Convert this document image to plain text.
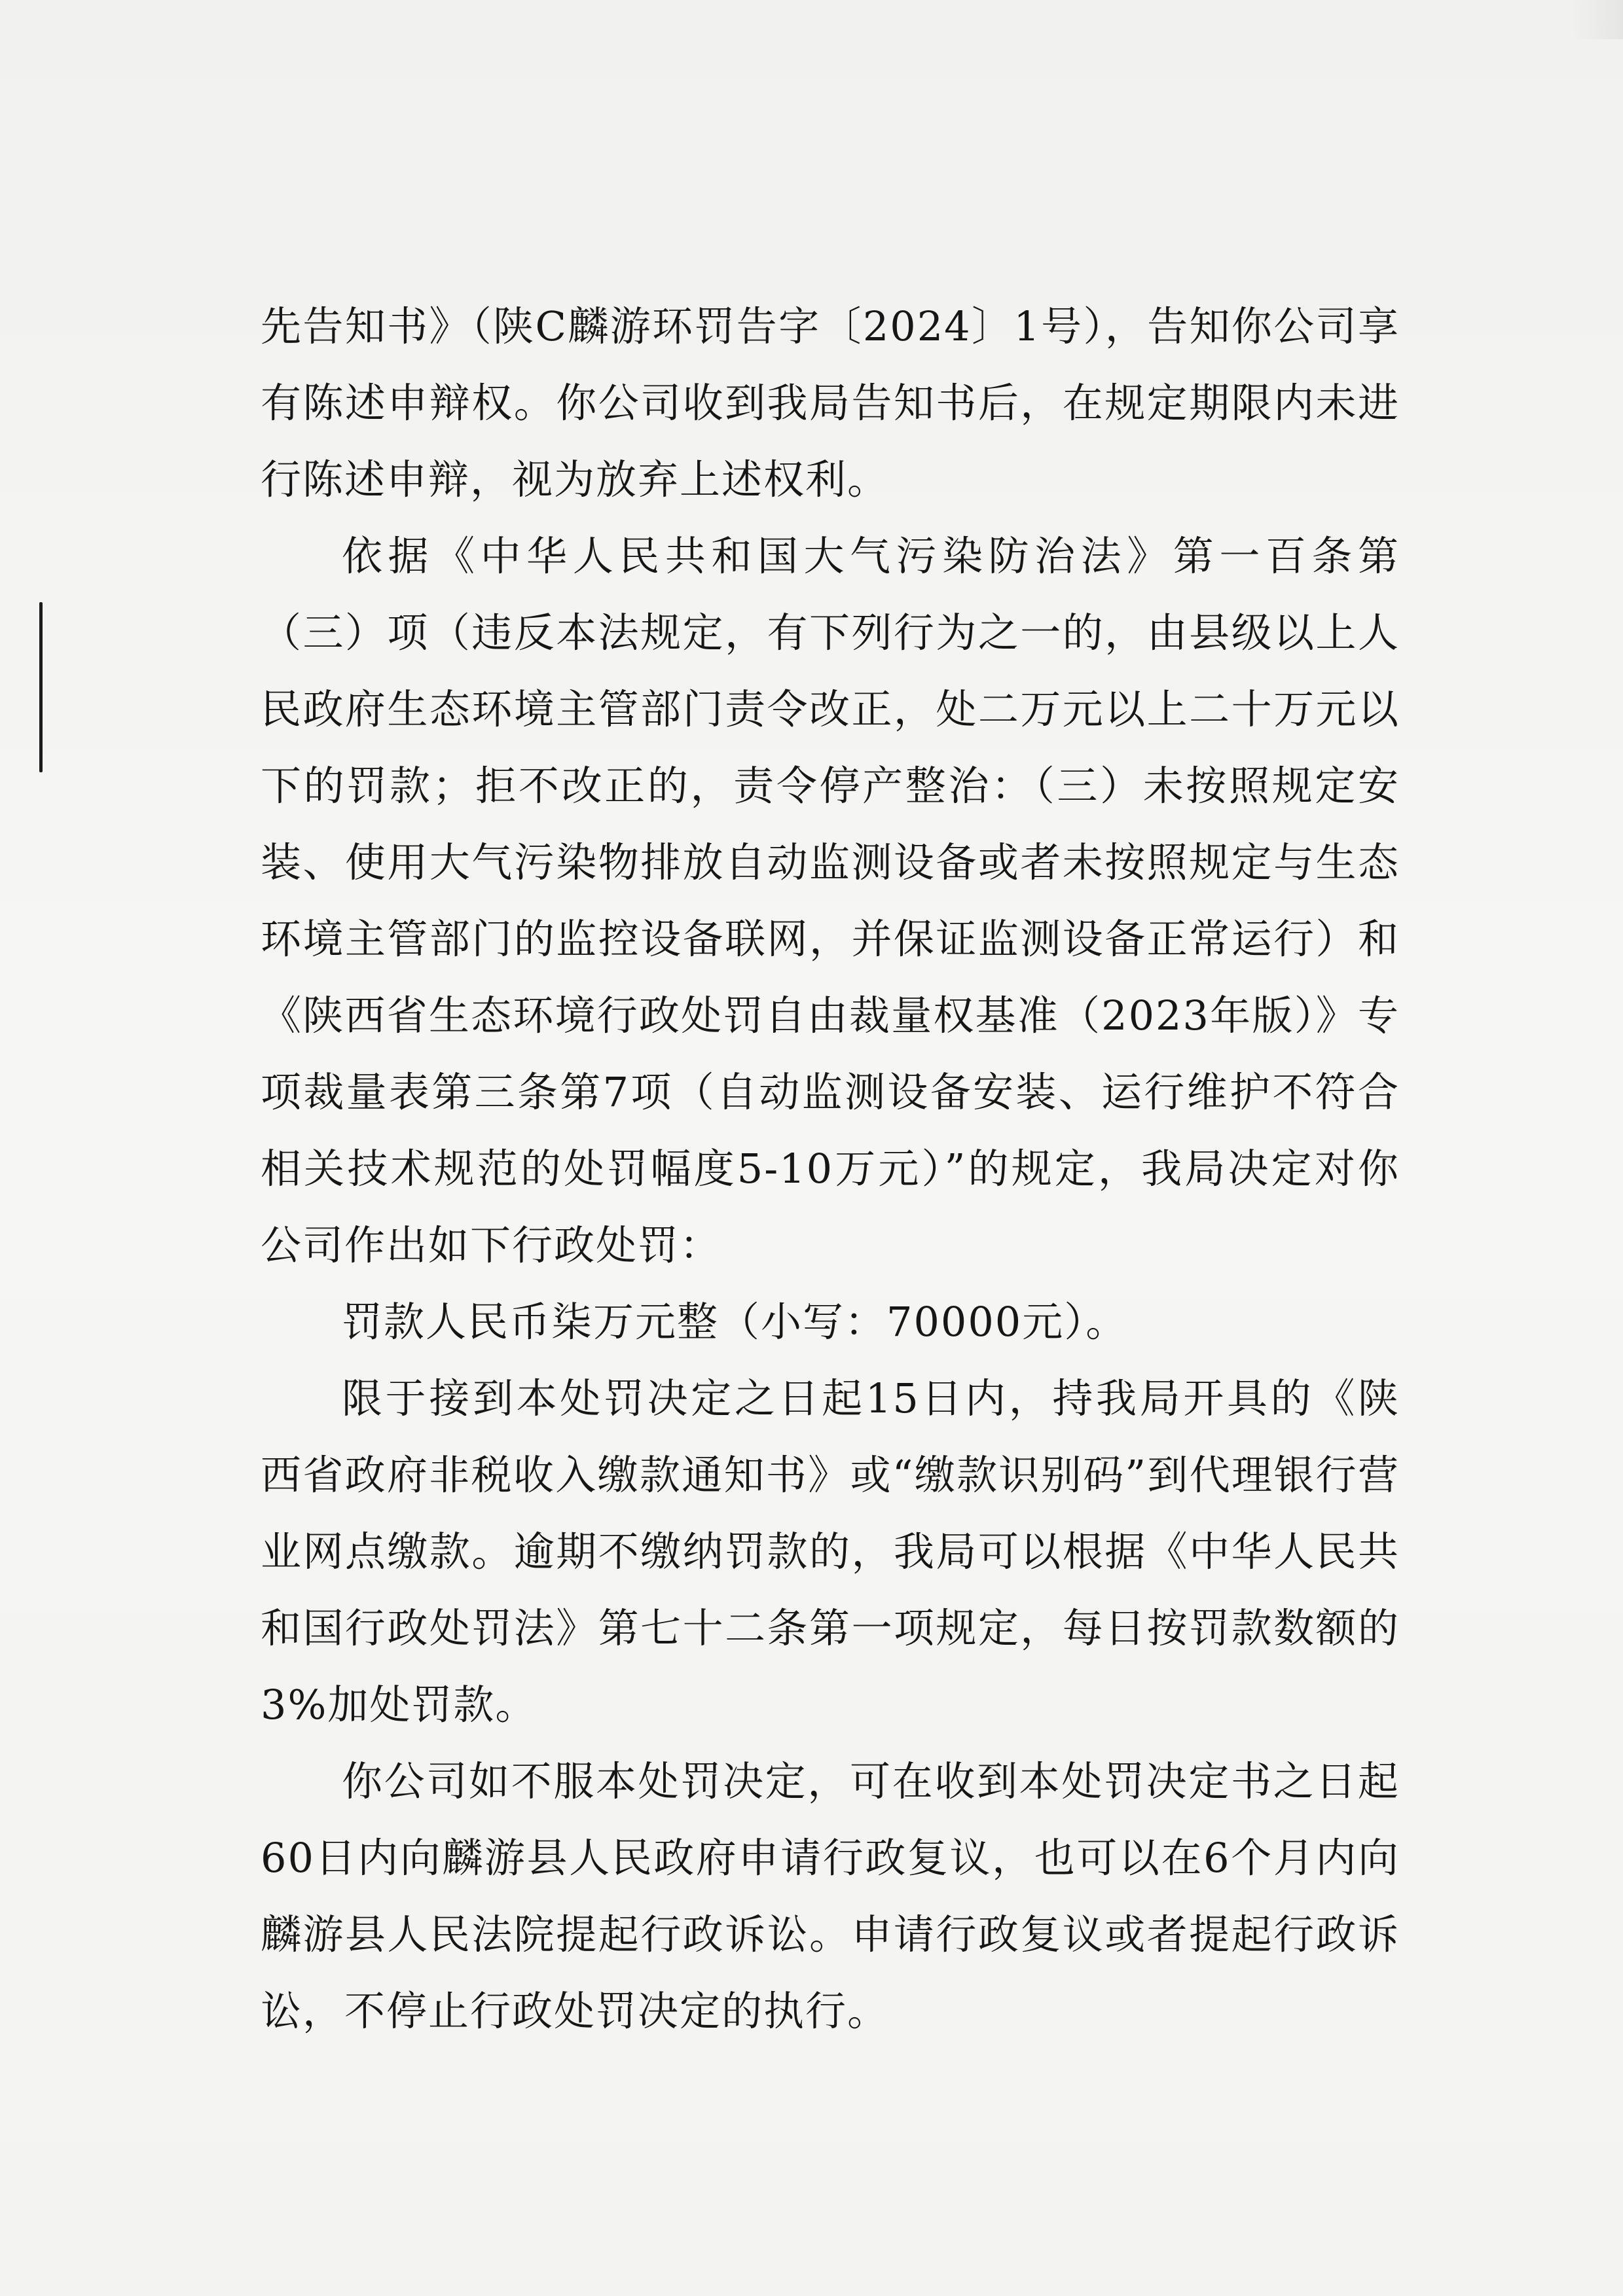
先告知书》（陕C麟游环罚告字〔2024〕1号），告知你公司享有陈述申辩权。你公司收到我局告知书后，在规定期限内未进行陈述申辩，视为放弃上述权利。

依据《中华人民共和国大气污染防治法》第一百条第（三）项（违反本法规定，有下列行为之一的，由县级以上人民政府生态环境主管部门责令改正，处二万元以上二十万元以下的罚款；拒不改正的，责令停产整治：（三）未按照规定安装、使用大气污染物排放自动监测设备或者未按照规定与生态环境主管部门的监控设备联网，并保证监测设备正常运行）和《陕西省生态环境行政处罚自由裁量权基准（2023年版）》专项裁量表第三条第7项（自动监测设备安装、运行维护不符合相关技术规范的处罚幅度5-10万元）”的规定，我局决定对你公司作出如下行政处罚：

罚款人民币柒万元整（小写：70000元）。

限于接到本处罚决定之日起15日内，持我局开具的《陕西省政府非税收入缴款通知书》或“缴款识别码”到代理银行营业网点缴款。逾期不缴纳罚款的，我局可以根据《中华人民共和国行政处罚法》第七十二条第一项规定，每日按罚款数额的3%加处罚款。

你公司如不服本处罚决定，可在收到本处罚决定书之日起60日内向麟游县人民政府申请行政复议，也可以在6个月内向麟游县人民法院提起行政诉讼。申请行政复议或者提起行政诉讼，不停止行政处罚决定的执行。
